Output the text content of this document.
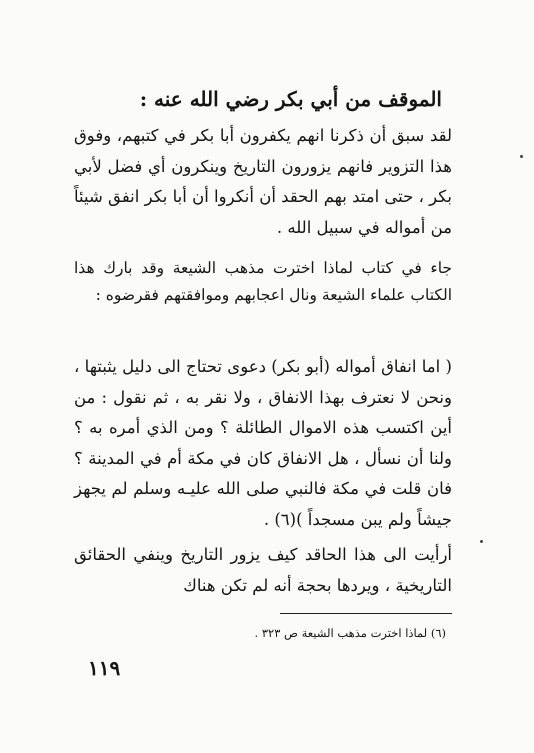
الموقف من أبي بكر رضي الله عنه :
لقد سبق أن ذكرنا انهم يكفرون أبا بكر في كتبهم، وفوق هذا التزوير فانهم يزورون التاريخ وينكرون أي فضل لأبي بكر ، حتى امتد بهم الحقد أن أنكروا أن أبا بكر انفق شيئاً من أمواله في سبيل الله .
جاء في كتاب لماذا اخترت مذهب الشيعة وقد بارك هذا الكتاب علماء الشيعة ونال اعجابهم وموافقتهم فقرضوه :
( اما انفاق أمواله (أبو بكر) دعوى تحتاج الى دليل يثبتها ، ونحن لا نعترف بهذا الانفاق ، ولا نقر به ، ثم نقول : من أين اكتسب هذه الاموال الطائلة ؟ ومن الذي أمره به ؟ ولنا أن نسأل ، هل الانفاق كان في مكة أم في المدينة ؟ فان قلت في مكة فالنبي صلى الله عليـه وسلم لم يجهز جيشاً ولم يبن مسجداً )(٦) .
أرأيت الى هذا الحاقد كيف يزور التاريخ وينفي الحقائق التاريخية ، ويردها بحجة أنه لم تكن هناك
(٦) لماذا اخترت مذهب الشيعة ص ٣٢٣ .
١١٩
